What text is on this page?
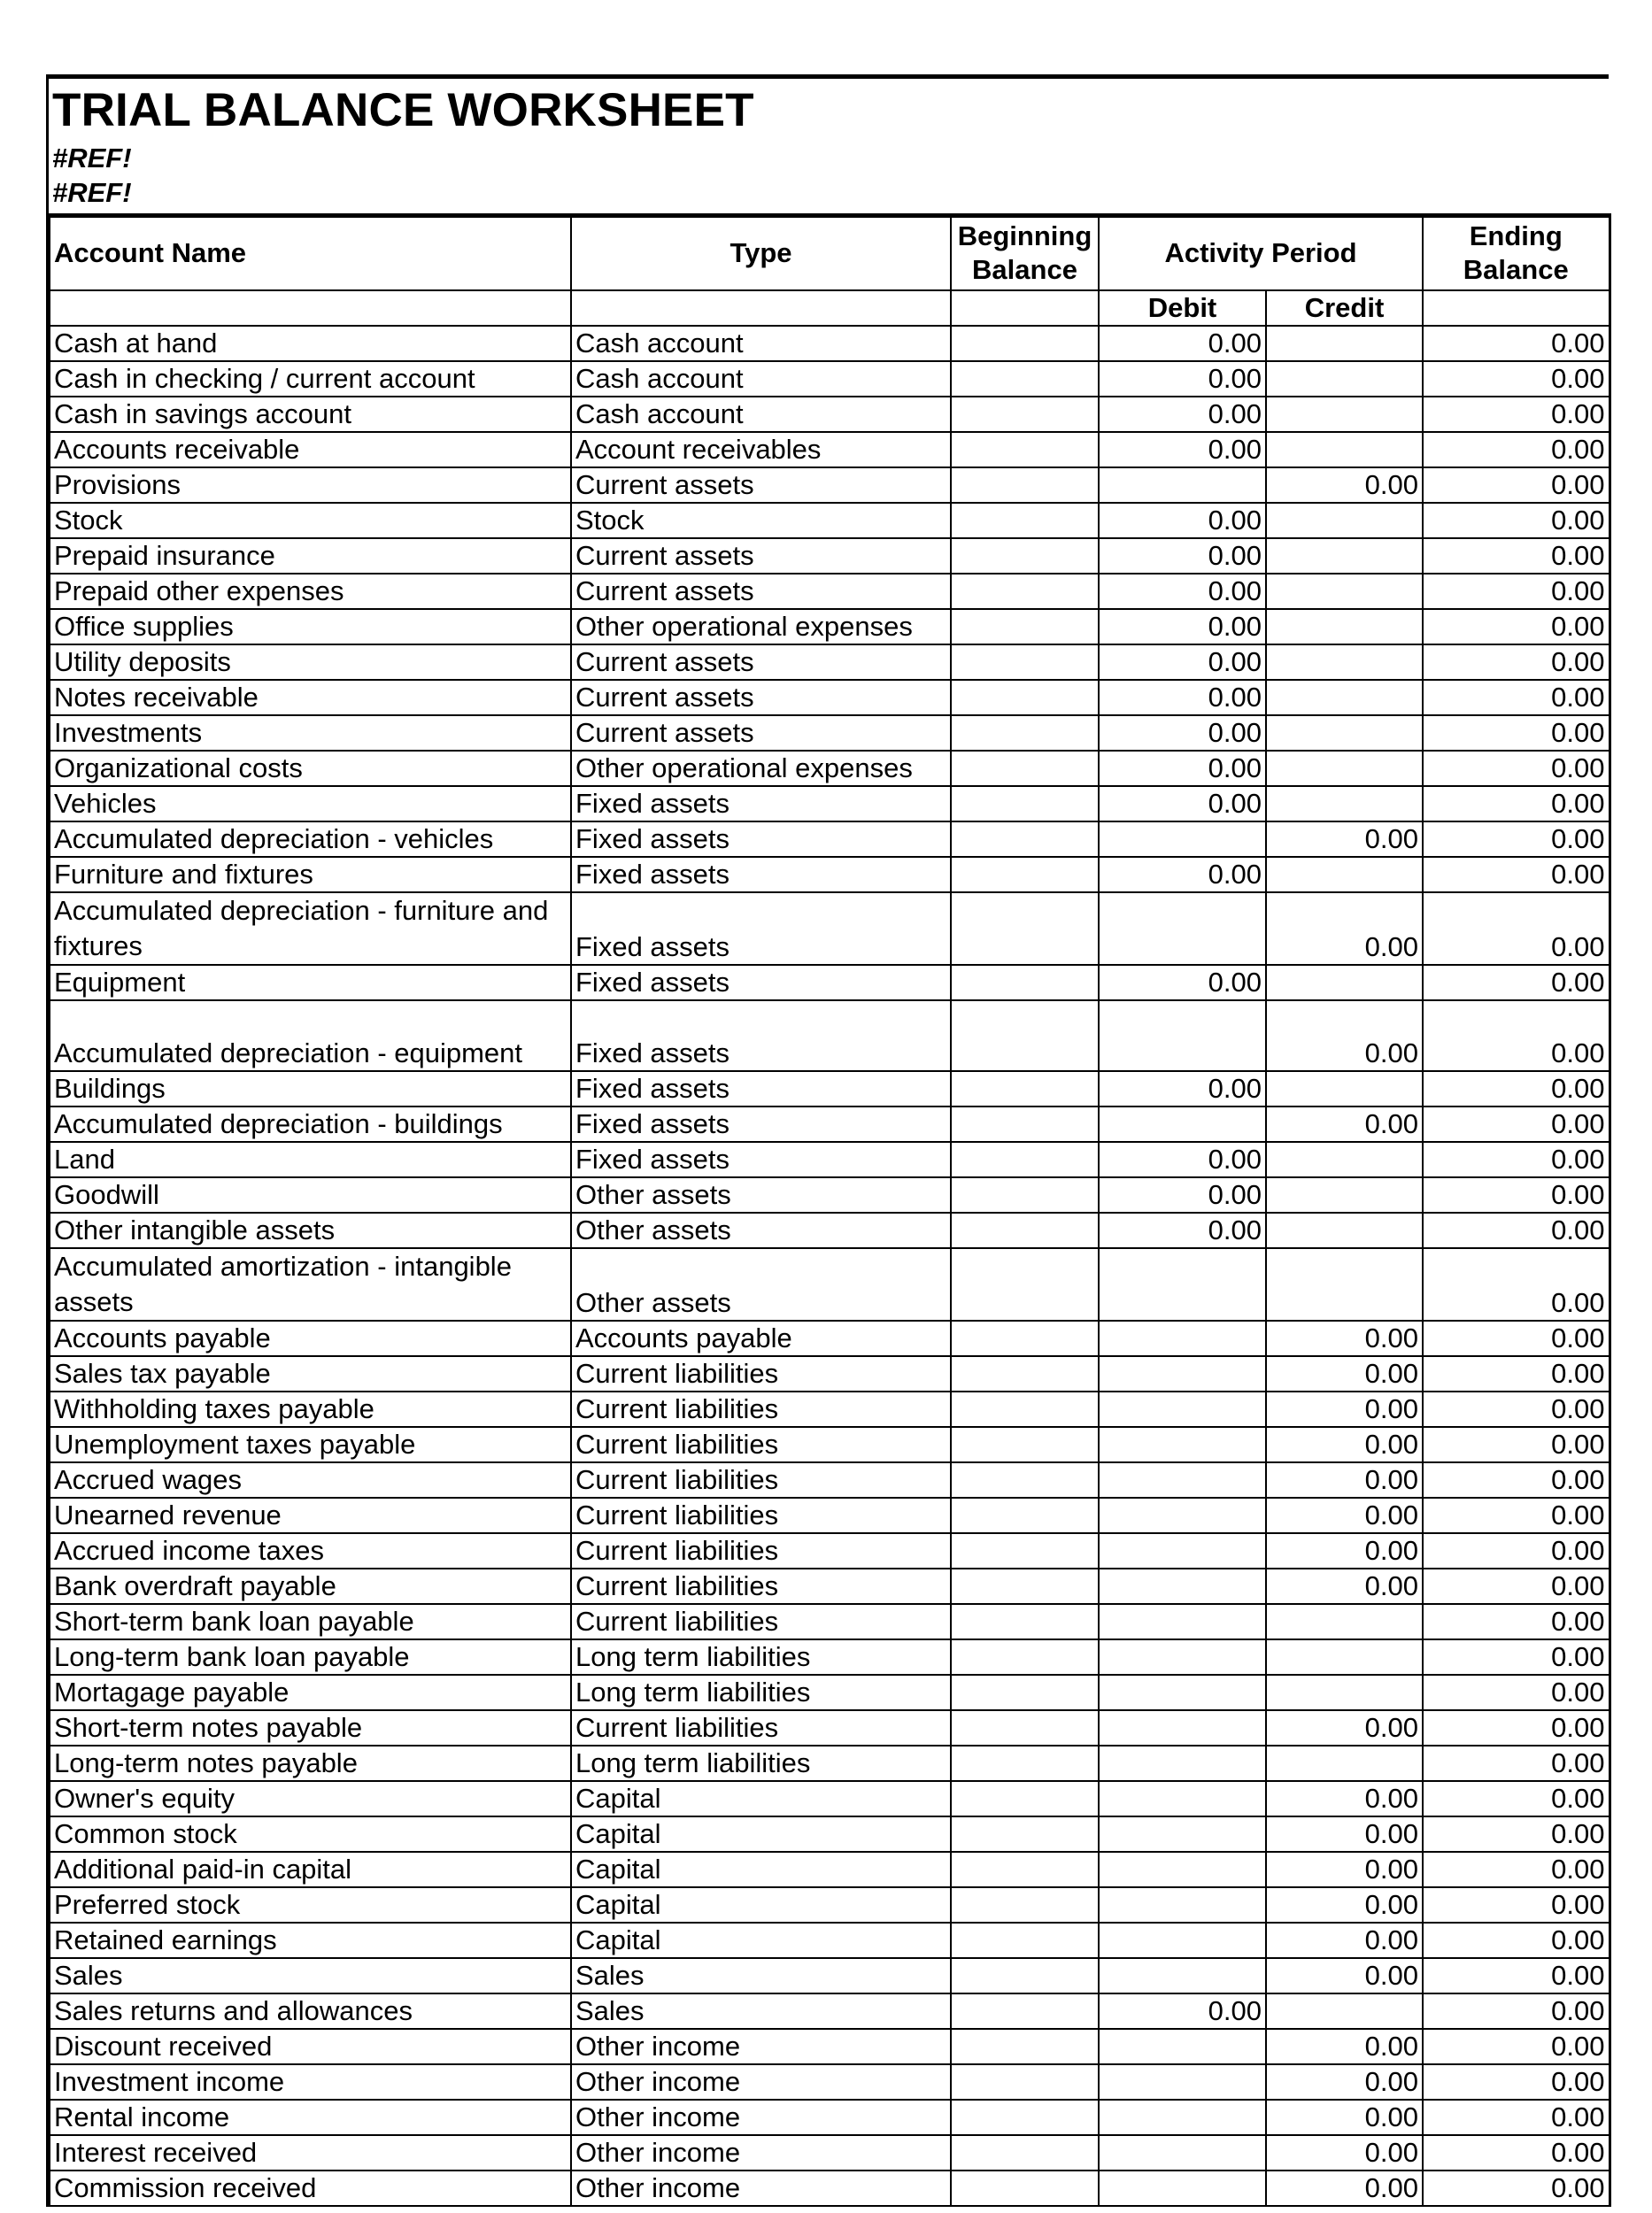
TRIAL BALANCE WORKSHEET
#REF!
#REF!
Account Name	Type	Beginning Balance	Activity Period		Ending Balance
			Debit	Credit	
Cash at hand	Cash account		0.00		0.00
Cash in checking / current account	Cash account		0.00		0.00
Cash in savings account	Cash account		0.00		0.00
Accounts receivable	Account receivables		0.00		0.00
Provisions	Current assets			0.00	0.00
Stock	Stock		0.00		0.00
Prepaid insurance	Current assets		0.00		0.00
Prepaid other expenses	Current assets		0.00		0.00
Office supplies	Other operational expenses		0.00		0.00
Utility deposits	Current assets		0.00		0.00
Notes receivable	Current assets		0.00		0.00
Investments	Current assets		0.00		0.00
Organizational costs	Other operational expenses		0.00		0.00
Vehicles	Fixed assets		0.00		0.00
Accumulated depreciation - vehicles	Fixed assets			0.00	0.00
Furniture and fixtures	Fixed assets		0.00		0.00
Accumulated depreciation - furniture and fixtures	Fixed assets			0.00	0.00
Equipment	Fixed assets		0.00		0.00
Accumulated depreciation - equipment	Fixed assets			0.00	0.00
Buildings	Fixed assets		0.00		0.00
Accumulated depreciation - buildings	Fixed assets			0.00	0.00
Land	Fixed assets		0.00		0.00
Goodwill	Other assets		0.00		0.00
Other intangible assets	Other assets		0.00		0.00
Accumulated amortization - intangible assets	Other assets				0.00
Accounts payable	Accounts payable			0.00	0.00
Sales tax payable	Current liabilities			0.00	0.00
Withholding taxes payable	Current liabilities			0.00	0.00
Unemployment taxes payable	Current liabilities			0.00	0.00
Accrued wages	Current liabilities			0.00	0.00
Unearned revenue	Current liabilities			0.00	0.00
Accrued income taxes	Current liabilities			0.00	0.00
Bank overdraft payable	Current liabilities			0.00	0.00
Short-term bank loan payable	Current liabilities				0.00
Long-term bank loan payable	Long term liabilities				0.00
Mortagage payable	Long term liabilities				0.00
Short-term notes payable	Current liabilities			0.00	0.00
Long-term notes payable	Long term liabilities				0.00
Owner's equity	Capital			0.00	0.00
Common stock	Capital			0.00	0.00
Additional paid-in capital	Capital			0.00	0.00
Preferred stock	Capital			0.00	0.00
Retained earnings	Capital			0.00	0.00
Sales	Sales			0.00	0.00
Sales returns and allowances	Sales		0.00		0.00
Discount received	Other income			0.00	0.00
Investment income	Other income			0.00	0.00
Rental income	Other income			0.00	0.00
Interest received	Other income			0.00	0.00
Commission received	Other income			0.00	0.00
